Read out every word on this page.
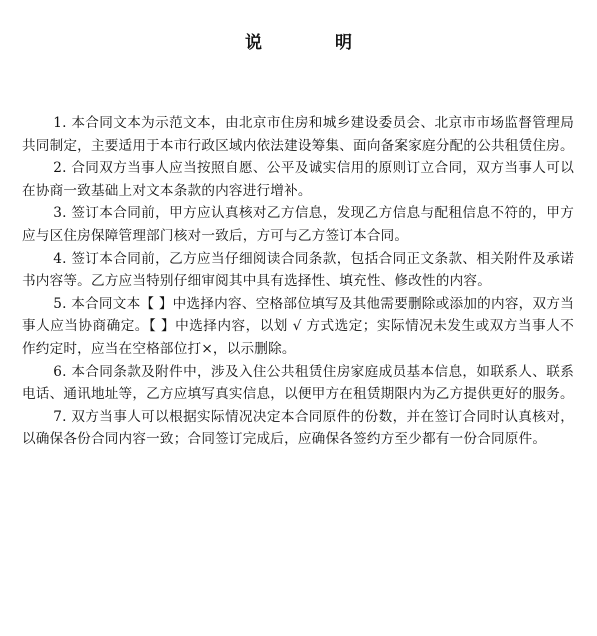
说　明

1. 本合同文本为示范文本，由北京市住房和城乡建设委员会、北京市市场监督管理局共同制定，主要适用于本市行政区域内依法建设筹集、面向备案家庭分配的公共租赁住房。

2. 合同双方当事人应当按照自愿、公平及诚实信用的原则订立合同，双方当事人可以在协商一致基础上对文本条款的内容进行增补。

3. 签订本合同前，甲方应认真核对乙方信息，发现乙方信息与配租信息不符的，甲方应与区住房保障管理部门核对一致后，方可与乙方签订本合同。

4. 签订本合同前，乙方应当仔细阅读合同条款，包括合同正文条款、相关附件及承诺书内容等。乙方应当特别仔细审阅其中具有选择性、填充性、修改性的内容。

5. 本合同文本【 】中选择内容、空格部位填写及其他需要删除或添加的内容，双方当事人应当协商确定。【 】中选择内容，以划 √ 方式选定；实际情况未发生或双方当事人不作约定时，应当在空格部位打×，以示删除。

6. 本合同条款及附件中，涉及入住公共租赁住房家庭成员基本信息，如联系人、联系电话、通讯地址等，乙方应填写真实信息，以便甲方在租赁期限内为乙方提供更好的服务。

7. 双方当事人可以根据实际情况决定本合同原件的份数，并在签订合同时认真核对，以确保各份合同内容一致；合同签订完成后，应确保各签约方至少都有一份合同原件。
